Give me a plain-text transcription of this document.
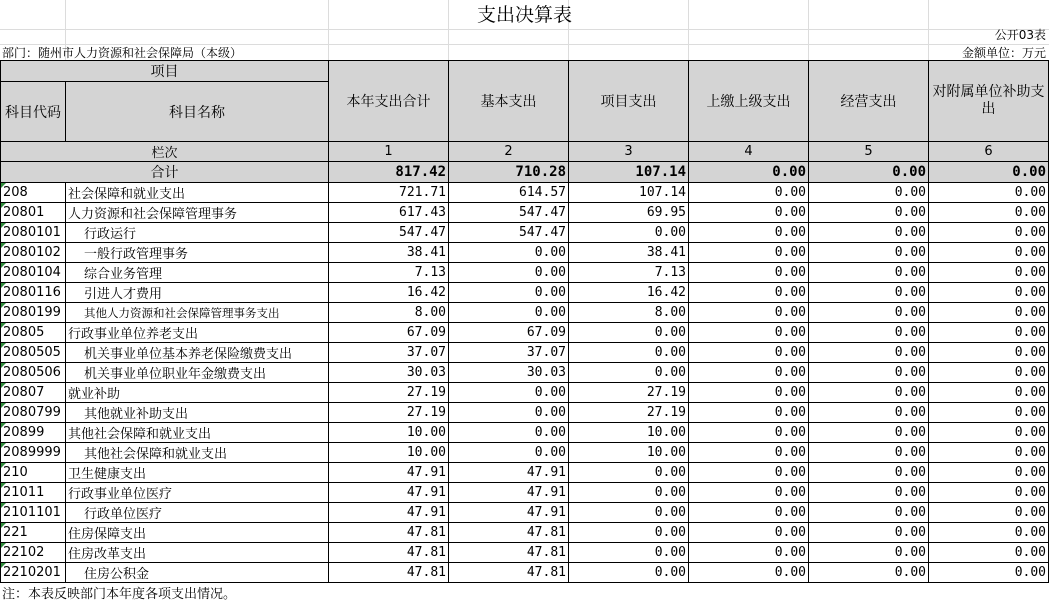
支出决算表
公开03表
部门：随州市人力资源和社会保障局（本级）	金额单位：万元
项目		本年支出合计	基本支出	项目支出	上缴上级支出	经营支出	对附属单位补助支出
科目代码	科目名称						
栏次		1	2	3	4	5	6
合计		817.42	710.28	107.14	0.00	0.00	0.00

208	社会保障和就业支出	721.71	614.57	107.14	0.00	0.00	0.00

20801	人力资源和社会保障管理事务	617.43	547.47	69.95	0.00	0.00	0.00

2080101	行政运行	547.47	547.47	0.00	0.00	0.00	0.00

2080102	一般行政管理事务	38.41	0.00	38.41	0.00	0.00	0.00

2080104	综合业务管理	7.13	0.00	7.13	0.00	0.00	0.00

2080116	引进人才费用	16.42	0.00	16.42	0.00	0.00	0.00

2080199	其他人力资源和社会保障管理事务支出	8.00	0.00	8.00	0.00	0.00	0.00

20805	行政事业单位养老支出	67.09	67.09	0.00	0.00	0.00	0.00

2080505	机关事业单位基本养老保险缴费支出	37.07	37.07	0.00	0.00	0.00	0.00

2080506	机关事业单位职业年金缴费支出	30.03	30.03	0.00	0.00	0.00	0.00

20807	就业补助	27.19	0.00	27.19	0.00	0.00	0.00

2080799	其他就业补助支出	27.19	0.00	27.19	0.00	0.00	0.00

20899	其他社会保障和就业支出	10.00	0.00	10.00	0.00	0.00	0.00

2089999	其他社会保障和就业支出	10.00	0.00	10.00	0.00	0.00	0.00

210	卫生健康支出	47.91	47.91	0.00	0.00	0.00	0.00

21011	行政事业单位医疗	47.91	47.91	0.00	0.00	0.00	0.00

2101101	行政单位医疗	47.91	47.91	0.00	0.00	0.00	0.00

221	住房保障支出	47.81	47.81	0.00	0.00	0.00	0.00

22102	住房改革支出	47.81	47.81	0.00	0.00	0.00	0.00

2210201	住房公积金	47.81	47.81	0.00	0.00	0.00	0.00
注：本表反映部门本年度各项支出情况。
